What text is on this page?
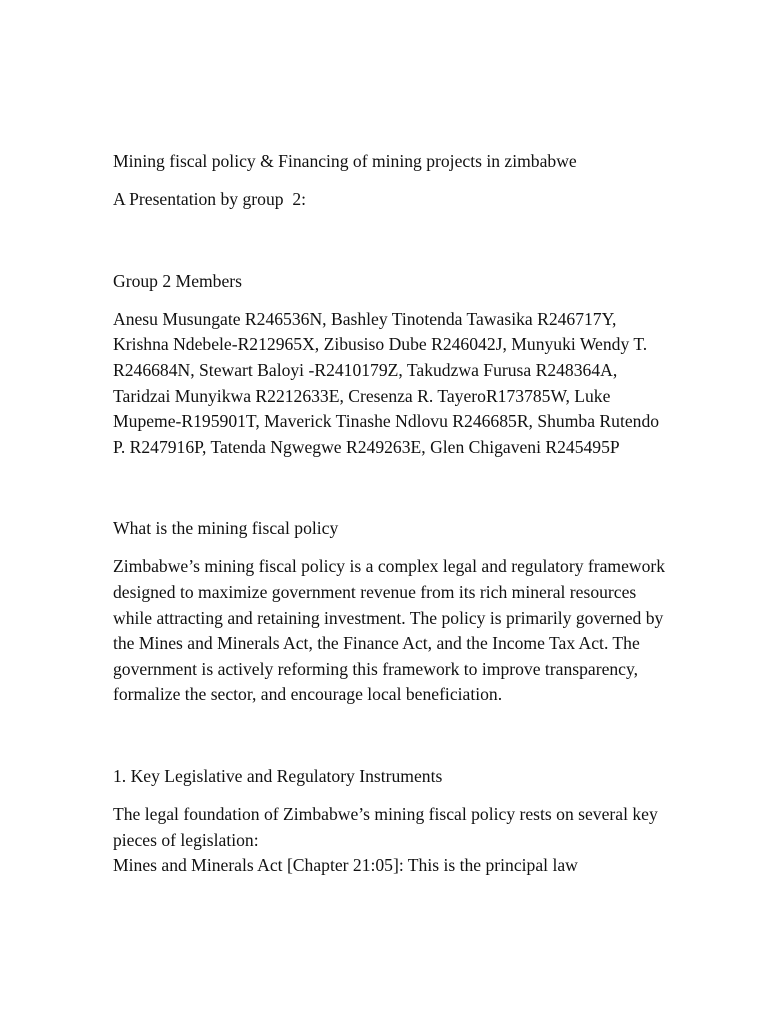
Mining fiscal policy & Financing of mining projects in zimbabwe

A Presentation by group  2:

Group 2 Members

Anesu Musungate R246536N, Bashley Tinotenda Tawasika R246717Y, Krishna Ndebele-R212965X, Zibusiso Dube R246042J, Munyuki Wendy T.  R246684N, Stewart Baloyi -R2410179Z, Takudzwa Furusa R248364A, Taridzai Munyikwa R2212633E, Cresenza R. TayeroR173785W, Luke Mupeme-R195901T, Maverick Tinashe Ndlovu R246685R, Shumba Rutendo P. R247916P, Tatenda Ngwegwe R249263E, Glen Chigaveni R245495P

What is the mining fiscal policy

Zimbabwe’s mining fiscal policy is a complex legal and regulatory framework designed to maximize government revenue from its rich mineral resources while attracting and retaining investment. The policy is primarily governed by the Mines and Minerals Act, the Finance Act, and the Income Tax Act. The government is actively reforming this framework to improve transparency, formalize the sector, and encourage local beneficiation.

1. Key Legislative and Regulatory Instruments

The legal foundation of Zimbabwe’s mining fiscal policy rests on several key pieces of legislation:
Mines and Minerals Act [Chapter 21:05]: This is the principal law
